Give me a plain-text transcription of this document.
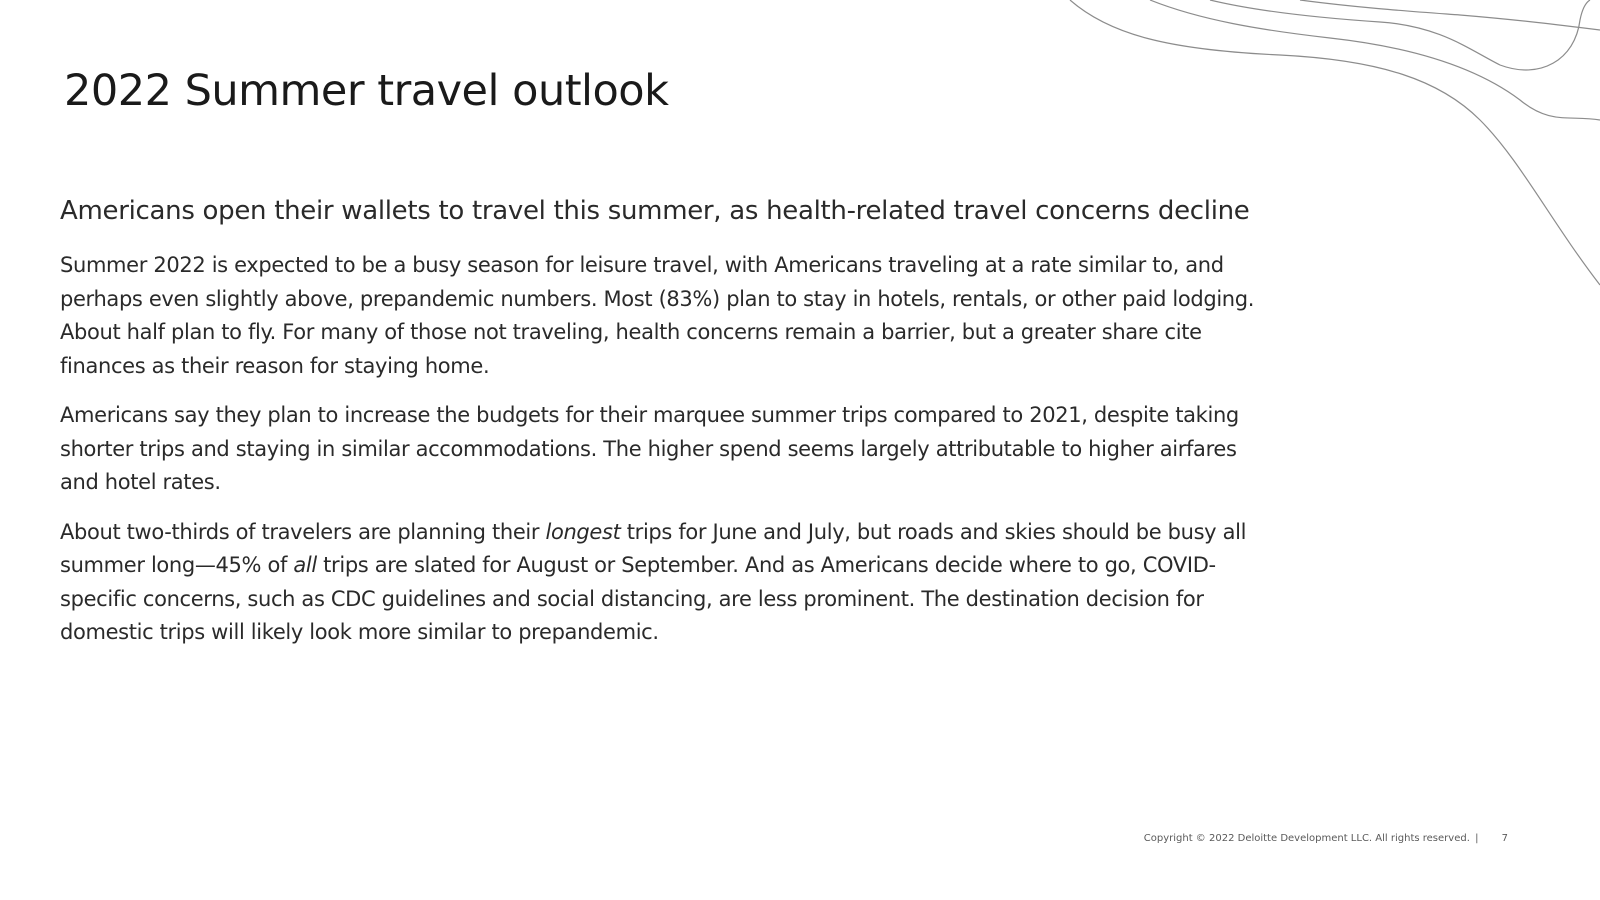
2022 Summer travel outlook
Americans open their wallets to travel this summer, as health-related travel concerns decline

Summer 2022 is expected to be a busy season for leisure travel, with Americans traveling at a rate similar to, and perhaps even slightly above, prepandemic numbers. Most (83%) plan to stay in hotels, rentals, or other paid lodging. About half plan to fly. For many of those not traveling, health concerns remain a barrier, but a greater share cite finances as their reason for staying home.

Americans say they plan to increase the budgets for their marquee summer trips compared to 2021, despite taking shorter trips and staying in similar accommodations. The higher spend seems largely attributable to higher airfares and hotel rates.

About two-thirds of travelers are planning their longest trips for June and July, but roads and skies should be busy all summer long—45% of all trips are slated for August or September. And as Americans decide where to go, COVID-specific concerns, such as CDC guidelines and social distancing, are less prominent. The destination decision for domestic trips will likely look more similar to prepandemic.

Copyright © 2022 Deloitte Development LLC. All rights reserved. | 7
